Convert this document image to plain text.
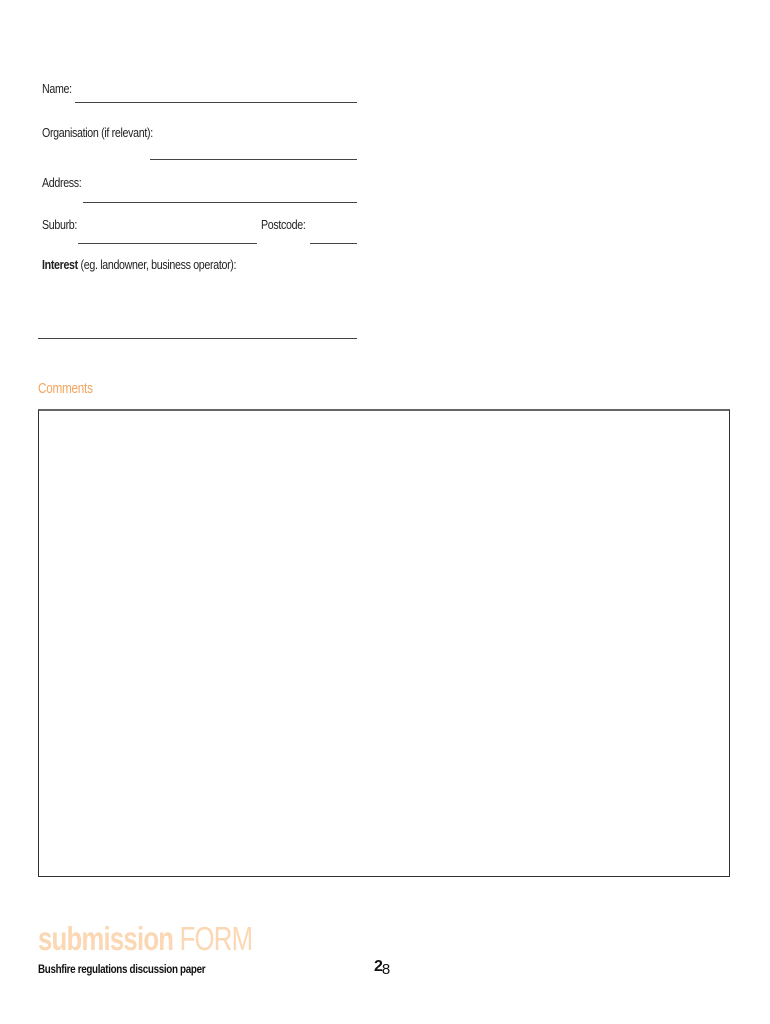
Name:
Organisation (if relevant):
Address:
Suburb:	Postcode:
Interest (eg. landowner, business operator):
Comments
submission FORM
Bushfire regulations discussion paper	28
